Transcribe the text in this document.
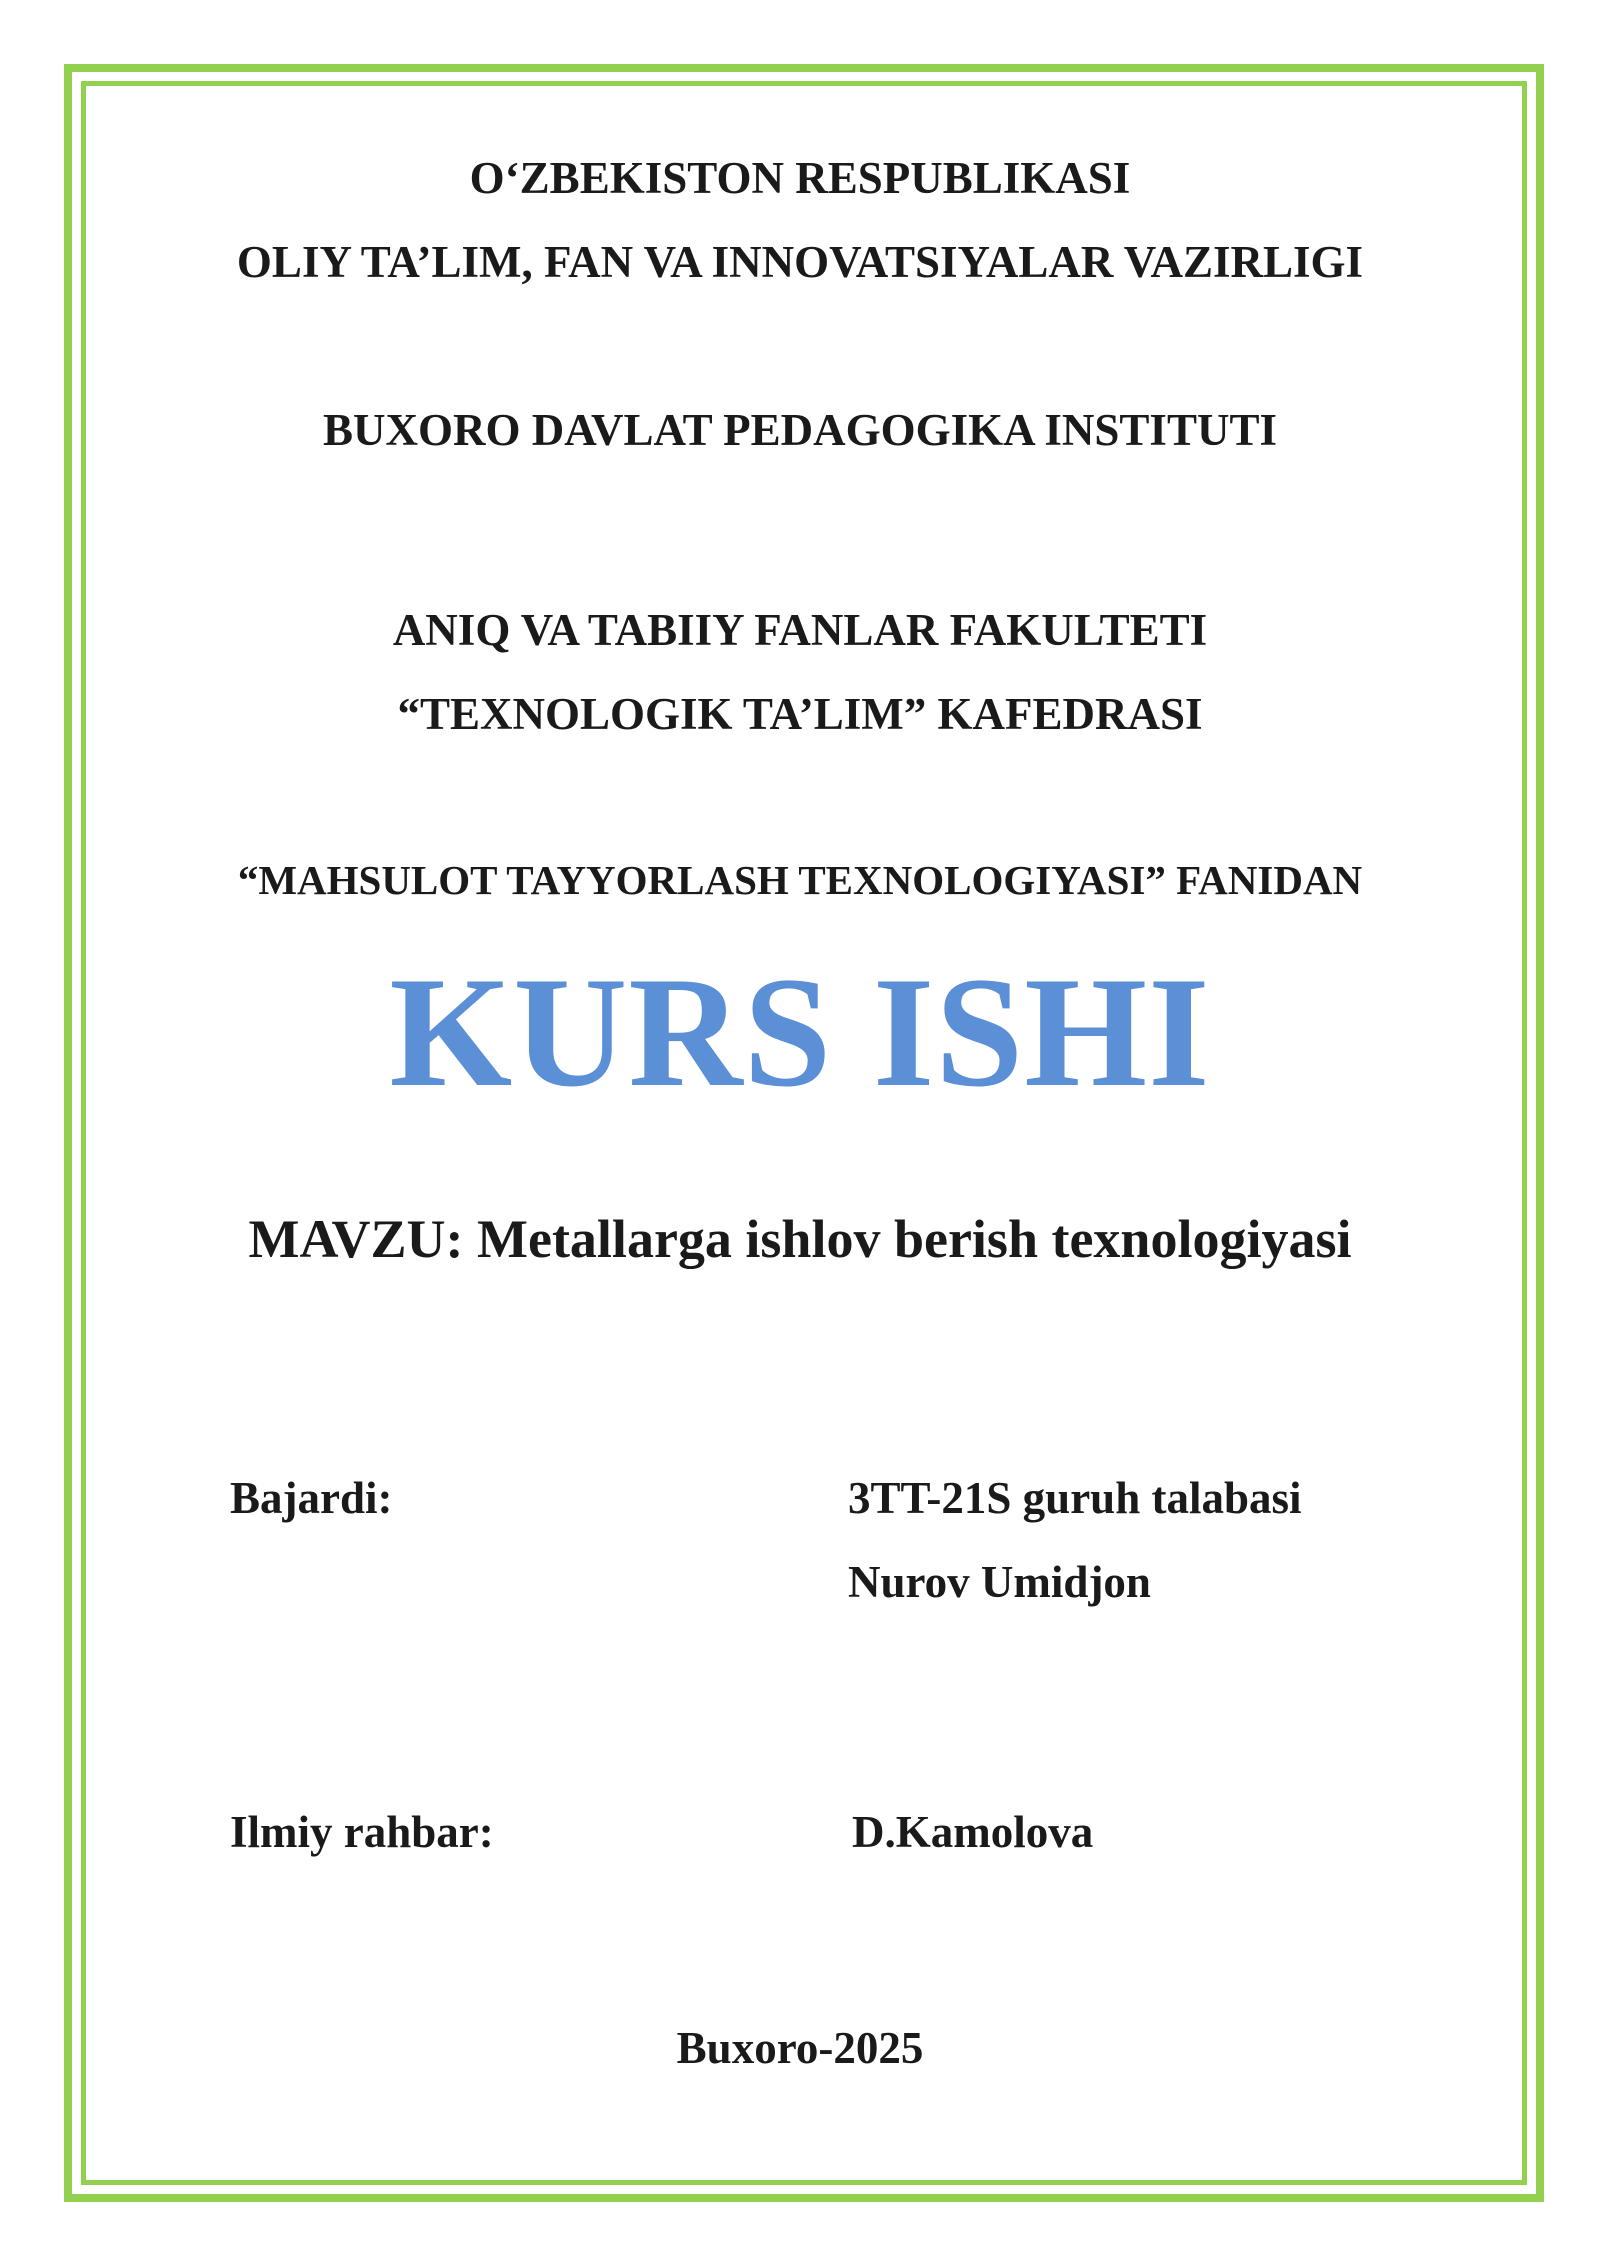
O‘ZBEKISTON RESPUBLIKASI
OLIY TA’LIM, FAN VA INNOVATSIYALAR VAZIRLIGI
BUXORO DAVLAT PEDAGOGIKA INSTITUTI
ANIQ VA TABIIY FANLAR FAKULTETI
“TEXNOLOGIK TA’LIM” KAFEDRASI
“MAHSULOT TAYYORLASH TEXNOLOGIYASI” FANIDAN
KURS ISHI
MAVZU: Metallarga ishlov berish texnologiyasi
Bajardi:	3TT-21S guruh talabasi
Nurov Umidjon
Ilmiy rahbar:	D.Kamolova
Buxoro-2025
